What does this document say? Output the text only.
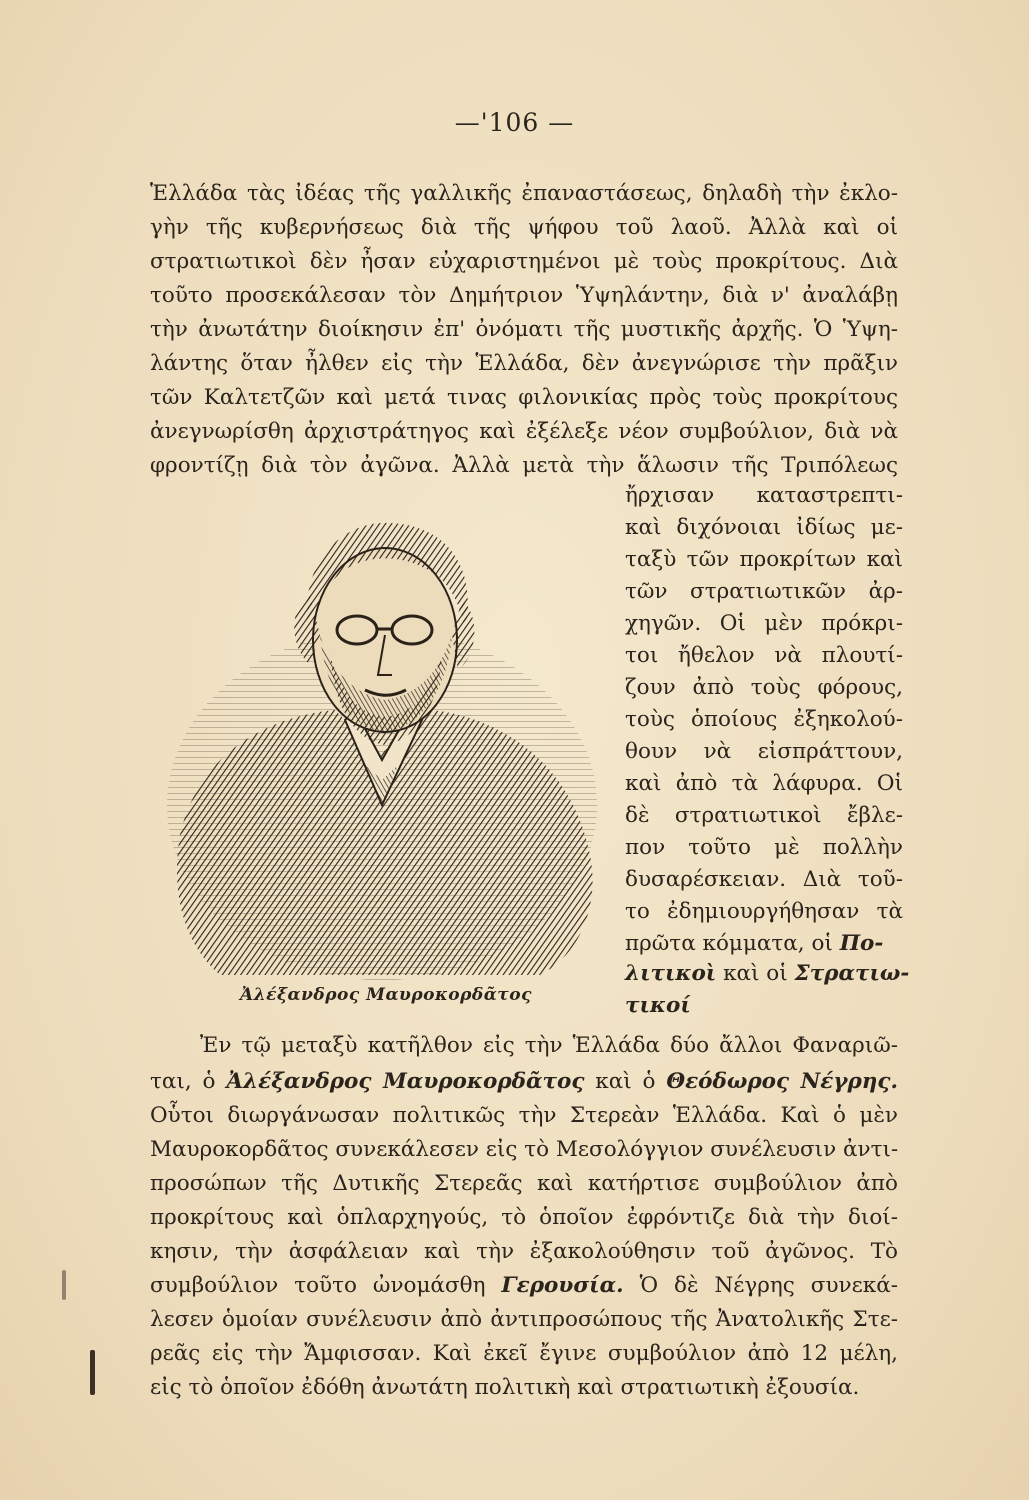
—'106 —
Ἑλλάδα τὰς ἰδέας τῆς γαλλικῆς ἐπαναστάσεως, δηλαδὴ τὴν ἐκλο-
γὴν τῆς κυβερνήσεως διὰ τῆς ψήφου τοῦ λαοῦ. Ἀλλὰ καὶ οἱ
στρατιωτικοὶ δὲν ἦσαν εὐχαριστημένοι μὲ τοὺς προκρίτους. Διὰ
τοῦτο προσεκάλεσαν τὸν Δημήτριον Ὑψηλάντην, διὰ ν' ἀναλάβῃ
τὴν ἀνωτάτην διοίκησιν ἐπ' ὀνόματι τῆς μυστικῆς ἀρχῆς. Ὁ Ὑψη-
λάντης ὅταν ἦλθεν εἰς τὴν Ἑλλάδα, δὲν ἀνεγνώρισε τὴν πρᾶξιν
τῶν Καλτετζῶν καὶ μετά τινας φιλονικίας πρὸς τοὺς προκρίτους
ἀνεγνωρίσθη ἀρχιστράτηγος καὶ ἐξέλεξε νέον συμβούλιον, διὰ νὰ
φροντίζῃ διὰ τὸν ἀγῶνα. Ἀλλὰ μετὰ τὴν ἅλωσιν τῆς Τριπόλεως
Ἀλέξανδρος Μαυροκορδᾶτος
ἤρχισαν καταστρεπτι-
καὶ διχόνοιαι ἰδίως με-
ταξὺ τῶν προκρίτων καὶ
τῶν στρατιωτικῶν ἀρ-
χηγῶν. Οἱ μὲν πρόκρι-
τοι ἤθελον νὰ πλουτί-
ζουν ἀπὸ τοὺς φόρους,
τοὺς ὁποίους ἐξηκολού-
θουν νὰ εἰσπράττουν,
καὶ ἀπὸ τὰ λάφυρα. Οἱ
δὲ στρατιωτικοὶ ἔβλε-
πον τοῦτο μὲ πολλὴν
δυσαρέσκειαν. Διὰ τοῦ-
το ἐδημιουργήθησαν τὰ
πρῶτα κόμματα, οἱ Πο-
λιτικοὶ καὶ οἱ Στρατιω-
τικοί
Ἐν τῷ μεταξὺ κατῆλθον εἰς τὴν Ἑλλάδα δύο ἄλλοι Φαναριῶ-
ται, ὁ Ἀλέξανδρος Μαυροκορδᾶτος καὶ ὁ Θεόδωρος Νέγρης.
Οὗτοι διωργάνωσαν πολιτικῶς τὴν Στερεὰν Ἑλλάδα. Καὶ ὁ μὲν
Μαυροκορδᾶτος συνεκάλεσεν εἰς τὸ Μεσολόγγιον συνέλευσιν ἀντι-
προσώπων τῆς Δυτικῆς Στερεᾶς καὶ κατήρτισε συμβούλιον ἀπὸ
προκρίτους καὶ ὁπλαρχηγούς, τὸ ὁποῖον ἐφρόντιζε διὰ τὴν διοί-
κησιν, τὴν ἀσφάλειαν καὶ τὴν ἐξακολούθησιν τοῦ ἀγῶνος. Τὸ
συμβούλιον τοῦτο ὠνομάσθη Γερουσία. Ὁ δὲ Νέγρης συνεκά-
λεσεν ὁμοίαν συνέλευσιν ἀπὸ ἀντιπροσώπους τῆς Ἀνατολικῆς Στε-
ρεᾶς εἰς τὴν Ἄμφισσαν. Καὶ ἐκεῖ ἔγινε συμβούλιον ἀπὸ 12 μέλη,
εἰς τὸ ὁποῖον ἐδόθη ἀνωτάτη πολιτικὴ καὶ στρατιωτικὴ ἐξουσία.
